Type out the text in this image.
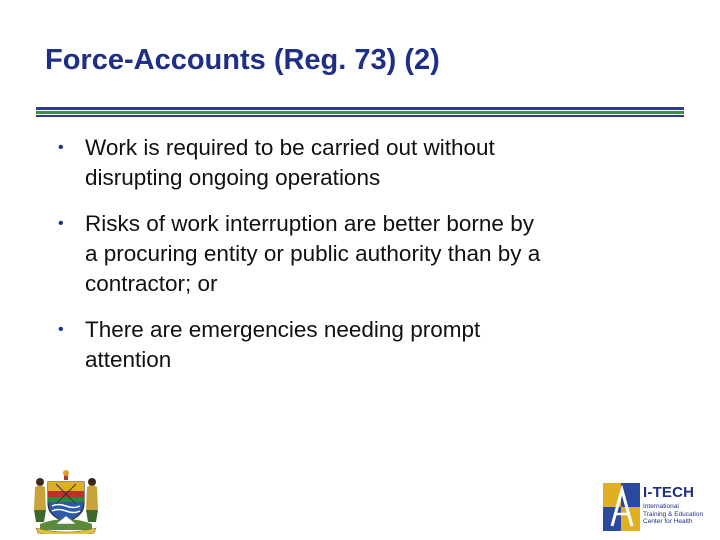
Force-Accounts (Reg. 73) (2)
• Work is required to be carried out without
disrupting ongoing operations
• Risks of work interruption are better borne by
a procuring entity or public authority than by a
contractor; or
• There are emergencies needing prompt
attention
I-TECH
International
Training & Education
Center for Health
